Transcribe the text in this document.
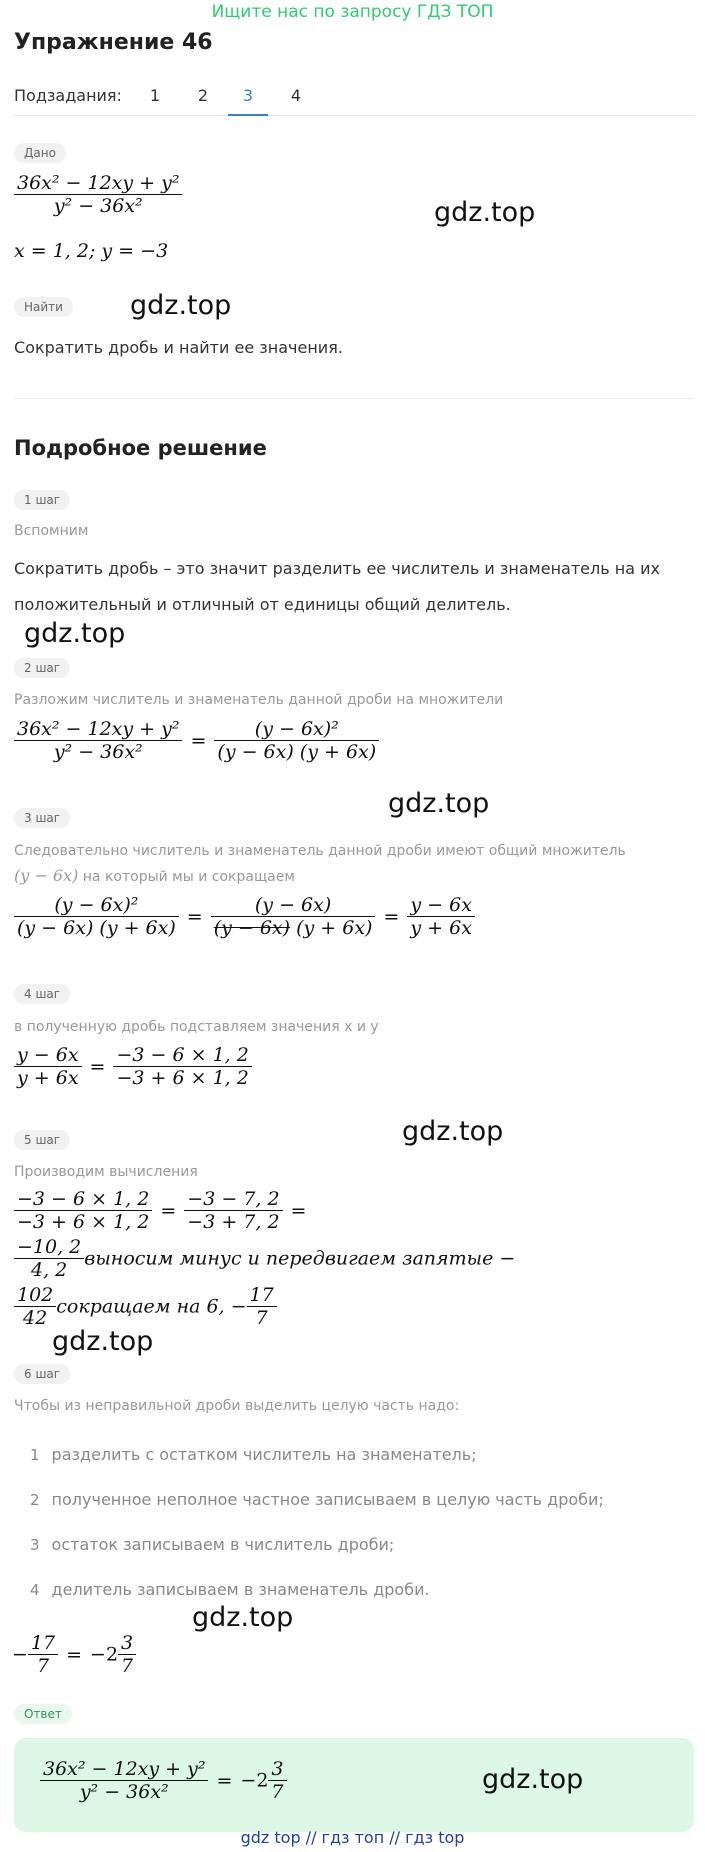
Ищите нас по запросу ГДЗ ТОП
Упражнение 46
Подзадания:	1	2	3	4
Дано
$\frac{\text{36x² − 12xy + y²}}{\text{y² − 36x²}}$	gdz.top
x = 1, 2; y = −3
Найти	gdz.top
Сократить дробь и найти ее значения.
Подробное решение
1 шаг
Вспомним
Сократить дробь – это значит разделить ее числитель и знаменатель на их
положительный и отличный от единицы общий делитель.
gdz.top
2 шаг
Разложим числитель и знаменатель данной дроби на множители
$\frac{\text{36x² − 12xy + y²}}{\text{y² − 36x²}} = \frac{\text{(y − 6x)²}}{(y - 6x) (y + 6x)}$
gdz.top
3 шаг
Следовательно числитель и знаменатель данной дроби имеют общий множитель
(y − 6x) на который мы и сокращаем
$\frac{\text{(y − 6x)²}}{(y - 6x) (y + 6x)} = \frac{(y - 6x)}{(y - 6x) (y + 6x)} = \frac{y - 6x}{y + 6x}$
4 шаг
в полученную дробь подставляем значения х и у
$\frac{y - 6x}{y + 6x} = \frac{-3 - 6 \times 1, 2}{-3 + 6 \times 1, 2}$
gdz.top
5 шаг
Производим вычисления
$\frac{-3 - 6 \times 1, 2}{-3 + 6 \times 1, 2} = \frac{-3 - 7, 2}{-3 + 7, 2}$ =
$\frac{-10, 2}{4, 2}$ выносим минус и передвигаем запятые −
$\frac{102}{42}$ сокращаем на 6, − $\frac{17}{7}$
gdz.top
6 шаг
Чтобы из неправильной дроби выделить целую часть надо:
1 разделить с остатком числитель на знаменатель;
2 полученное неполное частное записываем в целую часть дроби;
3 остаток записываем в числитель дроби;
4 делитель записываем в знаменатель дроби.
gdz.top
− $\frac{17}{7} = -2 \frac{3}{7}$
Ответ
$\frac{\text{36x² − 12xy + y²}}{\text{y² − 36x²}} = -2 \frac{3}{7}$	gdz.top
gdz top // гдз топ // гдз top
